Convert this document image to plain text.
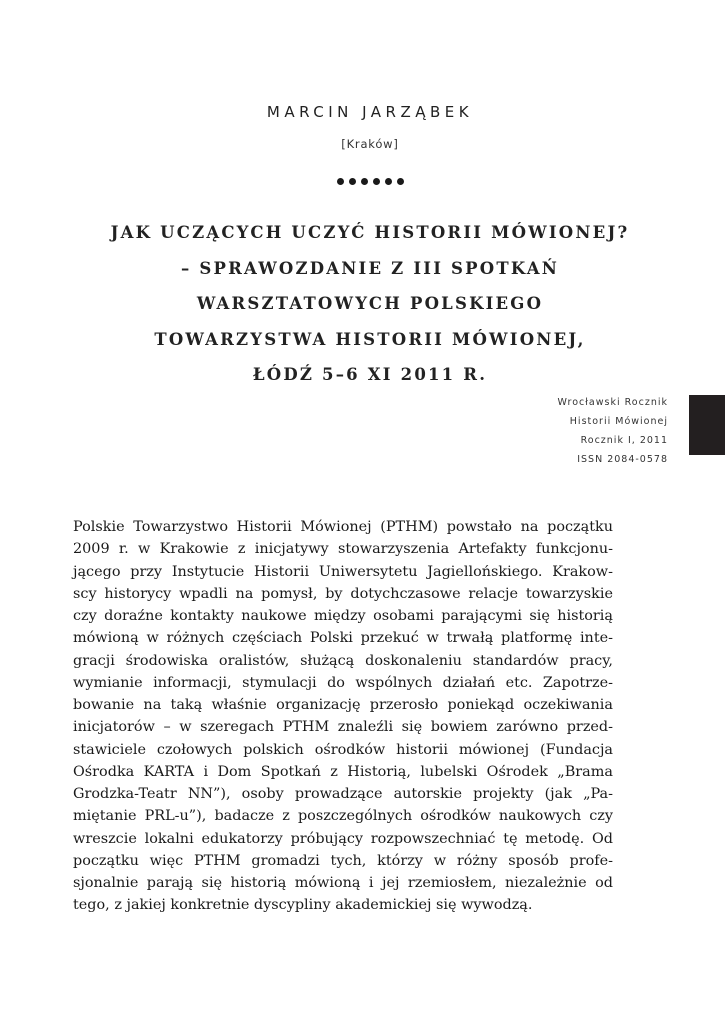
MARCIN JARZĄBEK
[Kraków]
JAK UCZĄCYCH UCZYĆ HISTORII MÓWIONEJ?
– SPRAWOZDANIE Z III SPOTKAŃ
WARSZTATOWYCH POLSKIEGO
TOWARZYSTWA HISTORII MÓWIONEJ,
ŁÓDŹ 5–6 XI 2011 R.
Wrocławski Rocznik
Historii Mówionej
Rocznik I, 2011
ISSN 2084-0578
Polskie Towarzystwo Historii Mówionej (PTHM) powstało na początku
2009 r. w Krakowie z inicjatywy stowarzyszenia Artefakty funkcjonu-
jącego przy Instytucie Historii Uniwersytetu Jagiellońskiego. Krakow-
scy historycy wpadli na pomysł, by dotychczasowe relacje towarzyskie
czy doraźne kontakty naukowe między osobami parającymi się historią
mówioną w różnych częściach Polski przekuć w trwałą platformę inte-
gracji środowiska oralistów, służącą doskonaleniu standardów pracy,
wymianie informacji, stymulacji do wspólnych działań etc. Zapotrze-
bowanie na taką właśnie organizację przerosło poniekąd oczekiwania
inicjatorów – w szeregach PTHM znaleźli się bowiem zarówno przed-
stawiciele czołowych polskich ośrodków historii mówionej (Fundacja
Ośrodka KARTA i Dom Spotkań z Historią, lubelski Ośrodek „Brama
Grodzka-Teatr NN”), osoby prowadzące autorskie projekty (jak „Pa-
miętanie PRL-u”), badacze z poszczególnych ośrodków naukowych czy
wreszcie lokalni edukatorzy próbujący rozpowszechniać tę metodę. Od
początku więc PTHM gromadzi tych, którzy w różny sposób profe-
sjonalnie parają się historią mówioną i jej rzemiosłem, niezależnie od
tego, z jakiej konkretnie dyscypliny akademickiej się wywodzą.
